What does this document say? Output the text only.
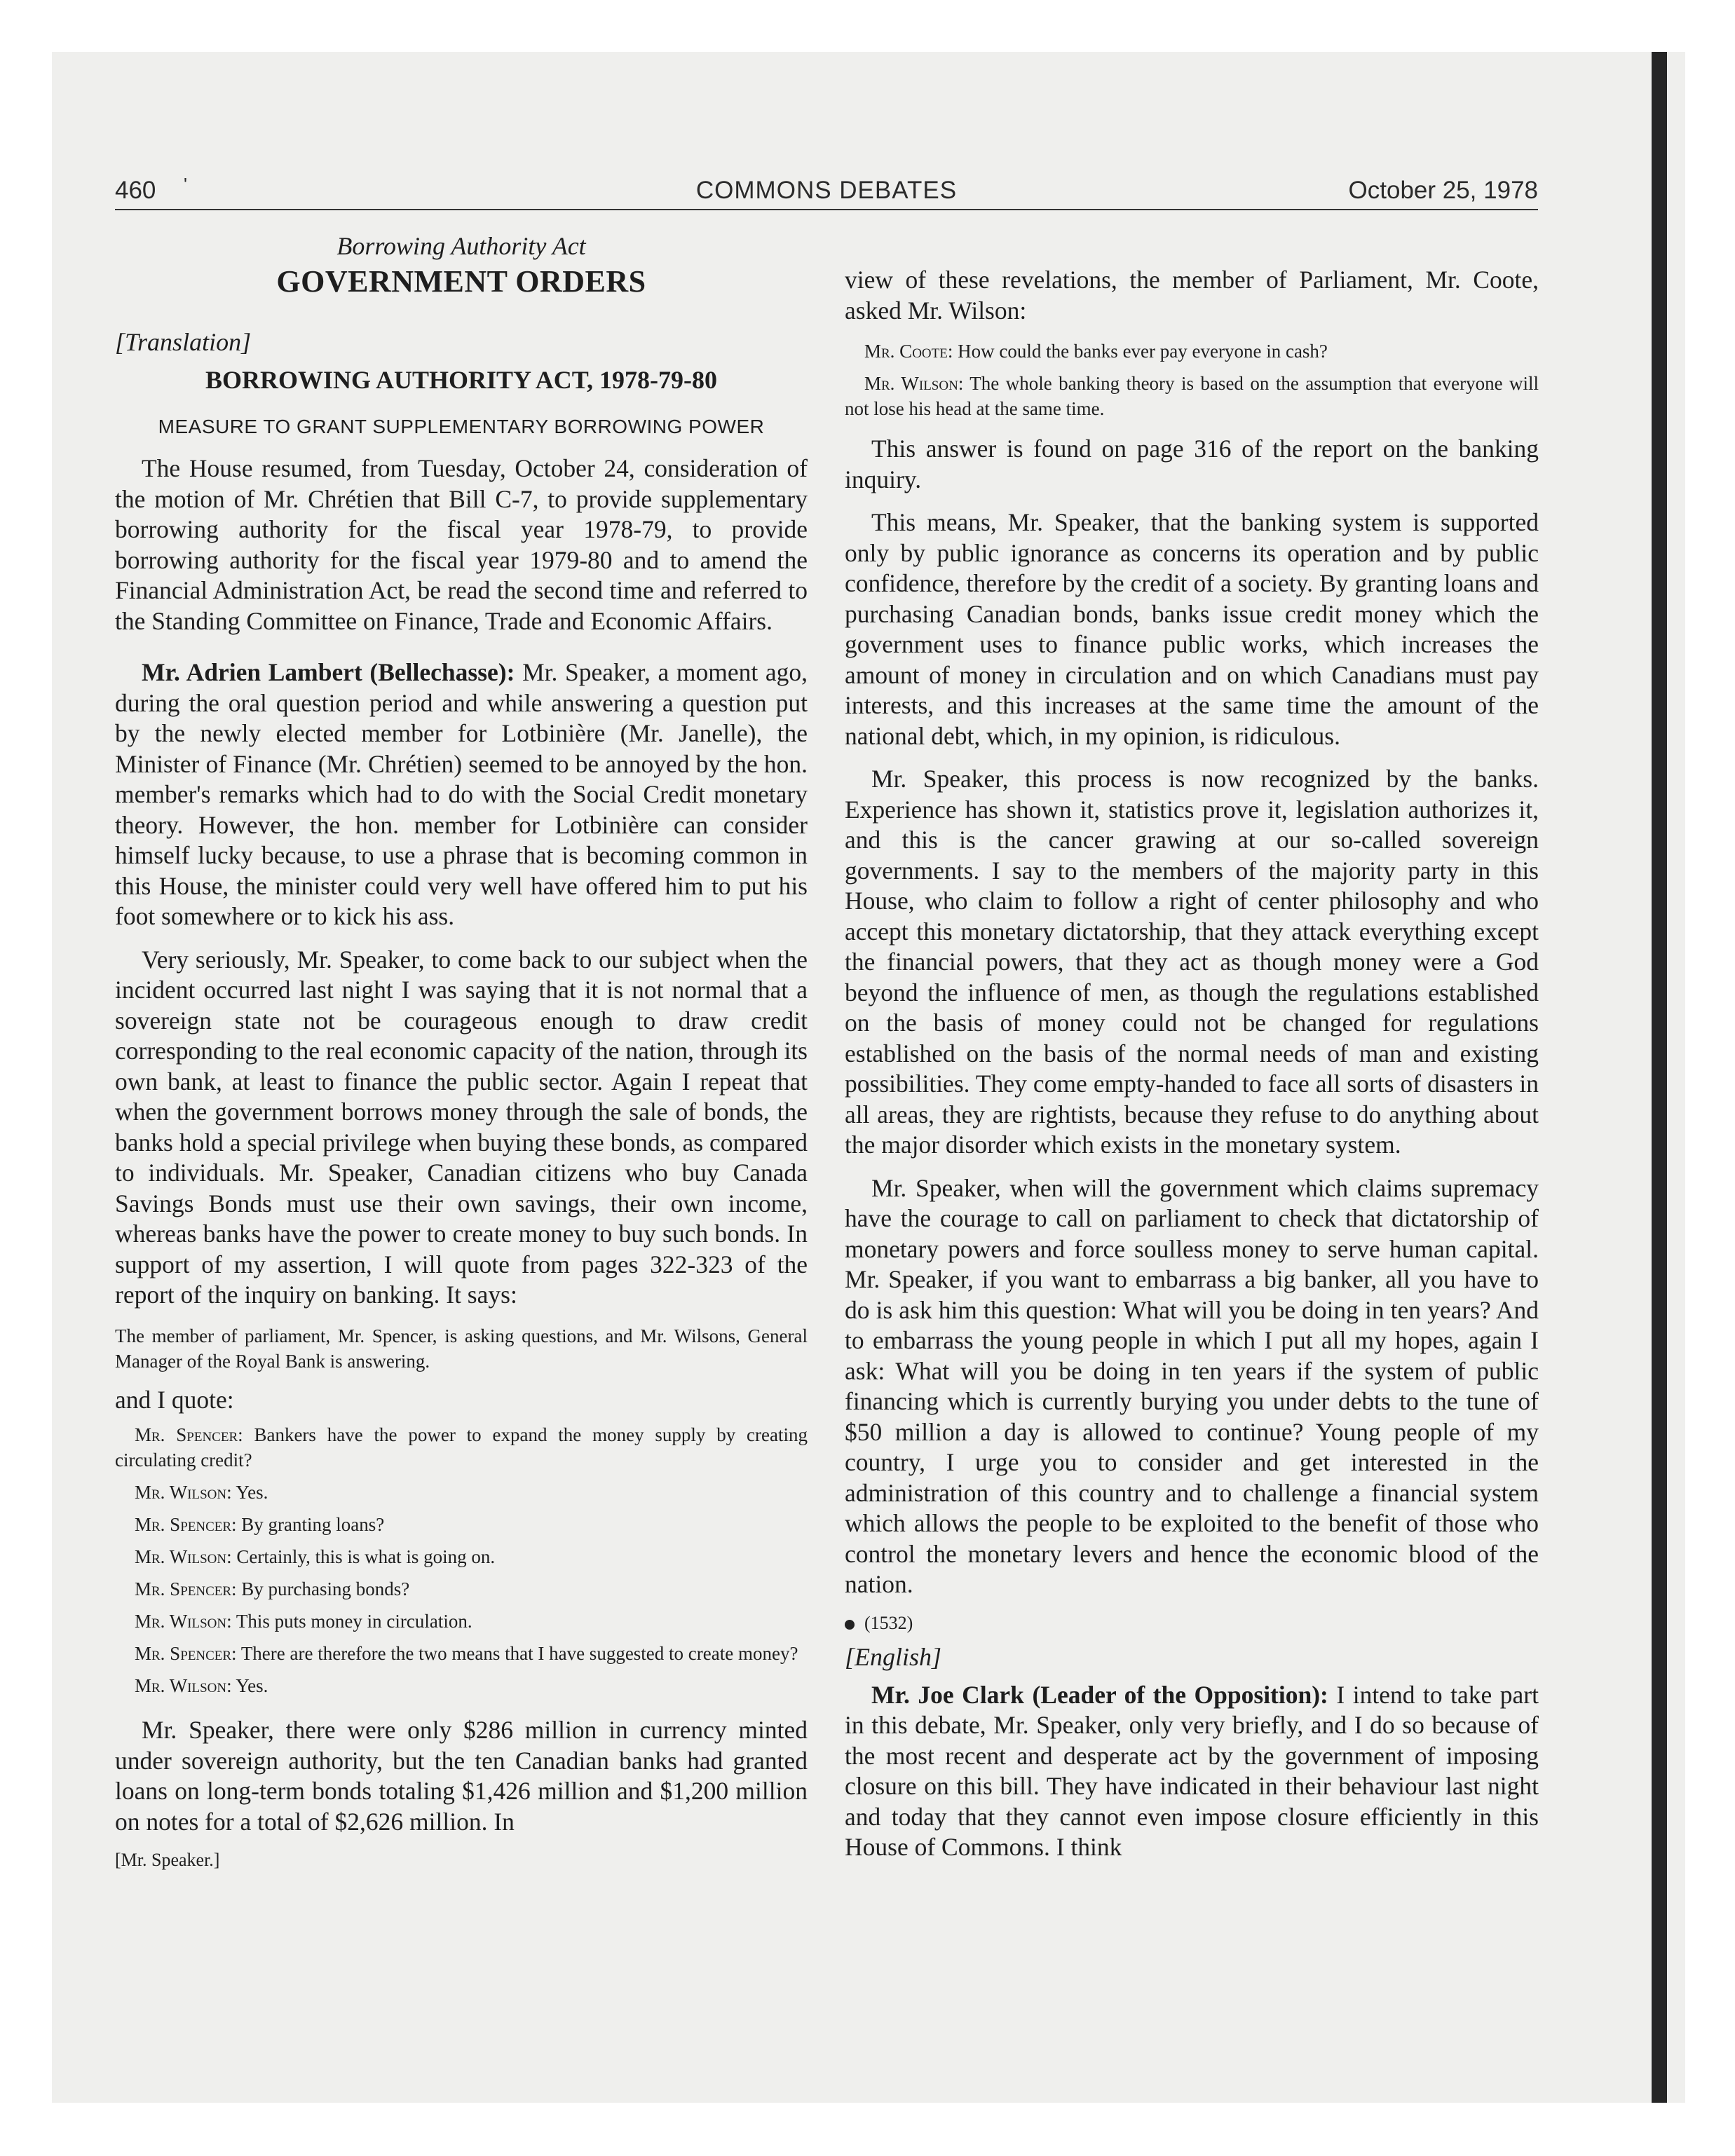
460 '	COMMONS DEBATES	October 25, 1978
Borrowing Authority Act
GOVERNMENT ORDERS
[Translation]
BORROWING AUTHORITY ACT, 1978-79-80
MEASURE TO GRANT SUPPLEMENTARY BORROWING POWER

The House resumed, from Tuesday, October 24, consideration of the motion of Mr. Chrétien that Bill C-7, to provide supplementary borrowing authority for the fiscal year 1978-79, to provide borrowing authority for the fiscal year 1979-80 and to amend the Financial Administration Act, be read the second time and referred to the Standing Committee on Finance, Trade and Economic Affairs.

Mr. Adrien Lambert (Bellechasse): Mr. Speaker, a moment ago, during the oral question period and while answering a question put by the newly elected member for Lotbinière (Mr. Janelle), the Minister of Finance (Mr. Chrétien) seemed to be annoyed by the hon. member's remarks which had to do with the Social Credit monetary theory. However, the hon. member for Lotbinière can consider himself lucky because, to use a phrase that is becoming common in this House, the minister could very well have offered him to put his foot somewhere or to kick his ass.

Very seriously, Mr. Speaker, to come back to our subject when the incident occurred last night I was saying that it is not normal that a sovereign state not be courageous enough to draw credit corresponding to the real economic capacity of the nation, through its own bank, at least to finance the public sector. Again I repeat that when the government borrows money through the sale of bonds, the banks hold a special privilege when buying these bonds, as compared to individuals. Mr. Speaker, Canadian citizens who buy Canada Savings Bonds must use their own savings, their own income, whereas banks have the power to create money to buy such bonds. In support of my assertion, I will quote from pages 322-323 of the report of the inquiry on banking. It says:

The member of parliament, Mr. Spencer, is asking questions, and Mr. Wilsons, General Manager of the Royal Bank is answering.

and I quote:

Mr. Spencer: Bankers have the power to expand the money supply by creating circulating credit?

Mr. Wilson: Yes.

Mr. Spencer: By granting loans?

Mr. Wilson: Certainly, this is what is going on.

Mr. Spencer: By purchasing bonds?

Mr. Wilson: This puts money in circulation.

Mr. Spencer: There are therefore the two means that I have suggested to create money?

Mr. Wilson: Yes.

Mr. Speaker, there were only $286 million in currency minted under sovereign authority, but the ten Canadian banks had granted loans on long-term bonds totaling $1,426 million and $1,200 million on notes for a total of $2,626 million. In

[Mr. Speaker.]

view of these revelations, the member of Parliament, Mr. Coote, asked Mr. Wilson:

Mr. Coote: How could the banks ever pay everyone in cash?

Mr. Wilson: The whole banking theory is based on the assumption that everyone will not lose his head at the same time.

This answer is found on page 316 of the report on the banking inquiry.

This means, Mr. Speaker, that the banking system is supported only by public ignorance as concerns its operation and by public confidence, therefore by the credit of a society. By granting loans and purchasing Canadian bonds, banks issue credit money which the government uses to finance public works, which increases the amount of money in circulation and on which Canadians must pay interests, and this increases at the same time the amount of the national debt, which, in my opinion, is ridiculous.

Mr. Speaker, this process is now recognized by the banks. Experience has shown it, statistics prove it, legislation authorizes it, and this is the cancer grawing at our so-called sovereign governments. I say to the members of the majority party in this House, who claim to follow a right of center philosophy and who accept this monetary dictatorship, that they attack everything except the financial powers, that they act as though money were a God beyond the influence of men, as though the regulations established on the basis of money could not be changed for regulations established on the basis of the normal needs of man and existing possibilities. They come empty-handed to face all sorts of disasters in all areas, they are rightists, because they refuse to do anything about the major disorder which exists in the monetary system.

Mr. Speaker, when will the government which claims supremacy have the courage to call on parliament to check that dictatorship of monetary powers and force soulless money to serve human capital. Mr. Speaker, if you want to embarrass a big banker, all you have to do is ask him this question: What will you be doing in ten years? And to embarrass the young people in which I put all my hopes, again I ask: What will you be doing in ten years if the system of public financing which is currently burying you under debts to the tune of $50 million a day is allowed to continue? Young people of my country, I urge you to consider and get interested in the administration of this country and to challenge a financial system which allows the people to be exploited to the benefit of those who control the monetary levers and hence the economic blood of the nation.

(1532)
[English]

Mr. Joe Clark (Leader of the Opposition): I intend to take part in this debate, Mr. Speaker, only very briefly, and I do so because of the most recent and desperate act by the government of imposing closure on this bill. They have indicated in their behaviour last night and today that they cannot even impose closure efficiently in this House of Commons. I think
